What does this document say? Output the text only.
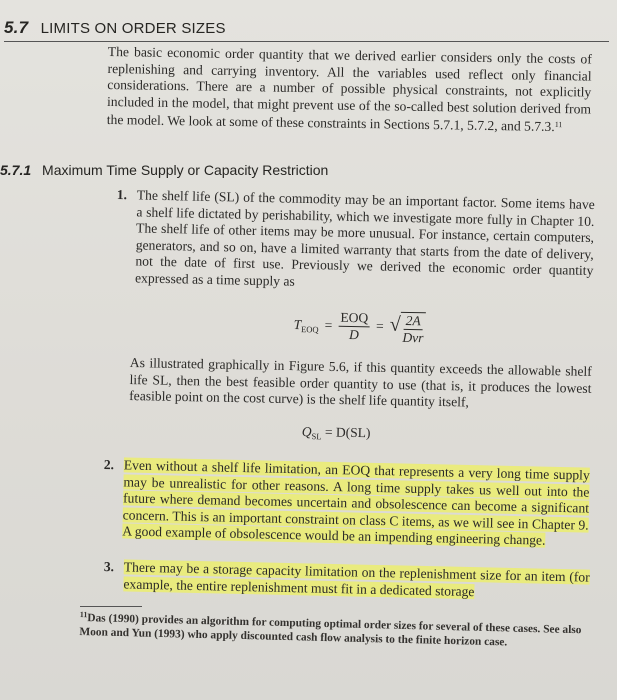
5.7 LIMITS ON ORDER SIZES
The basic economic order quantity that we derived earlier considers only the costs of replenishing and carrying inventory. All the variables used reflect only financial considerations. There are a number of possible physical constraints, not explicitly included in the model, that might prevent use of the so-called best solution derived from the model. We look at some of these constraints in Sections 5.7.1, 5.7.2, and 5.7.3.11
5.7.1 Maximum Time Supply or Capacity Restriction
1. The shelf life (SL) of the commodity may be an important factor. Some items have a shelf life dictated by perishability, which we investigate more fully in Chapter 10. The shelf life of other items may be more unusual. For instance, certain computers, generators, and so on, have a limited warranty that starts from the date of delivery, not the date of first use. Previously we derived the economic order quantity expressed as a time supply as
$T_{EOQ} = \frac{\text{EOQ}}{D}$ = √ $\frac{2A}{\text{Dvr}}$
As illustrated graphically in Figure 5.6, if this quantity exceeds the allowable shelf life SL, then the best feasible order quantity to use (that is, it produces the lowest feasible point on the cost curve) is the shelf life quantity itself,
$Q_{SL} = D(SL)$
2. Even without a shelf life limitation, an EOQ that represents a very long time supply may be unrealistic for other reasons. A long time supply takes us well out into the future where demand becomes uncertain and obsolescence can become a significant concern. This is an important constraint on class C items, as we will see in Chapter 9. A good example of obsolescence would be an impending engineering change.
3. There may be a storage capacity limitation on the replenishment size for an item (for example, the entire replenishment must fit in a dedicated storage
$^{11}$Das (1990) provides an algorithm for computing optimal order sizes for several of these cases. See also Moon and Yun (1993) who apply discounted cash flow analysis to the finite horizon case.
